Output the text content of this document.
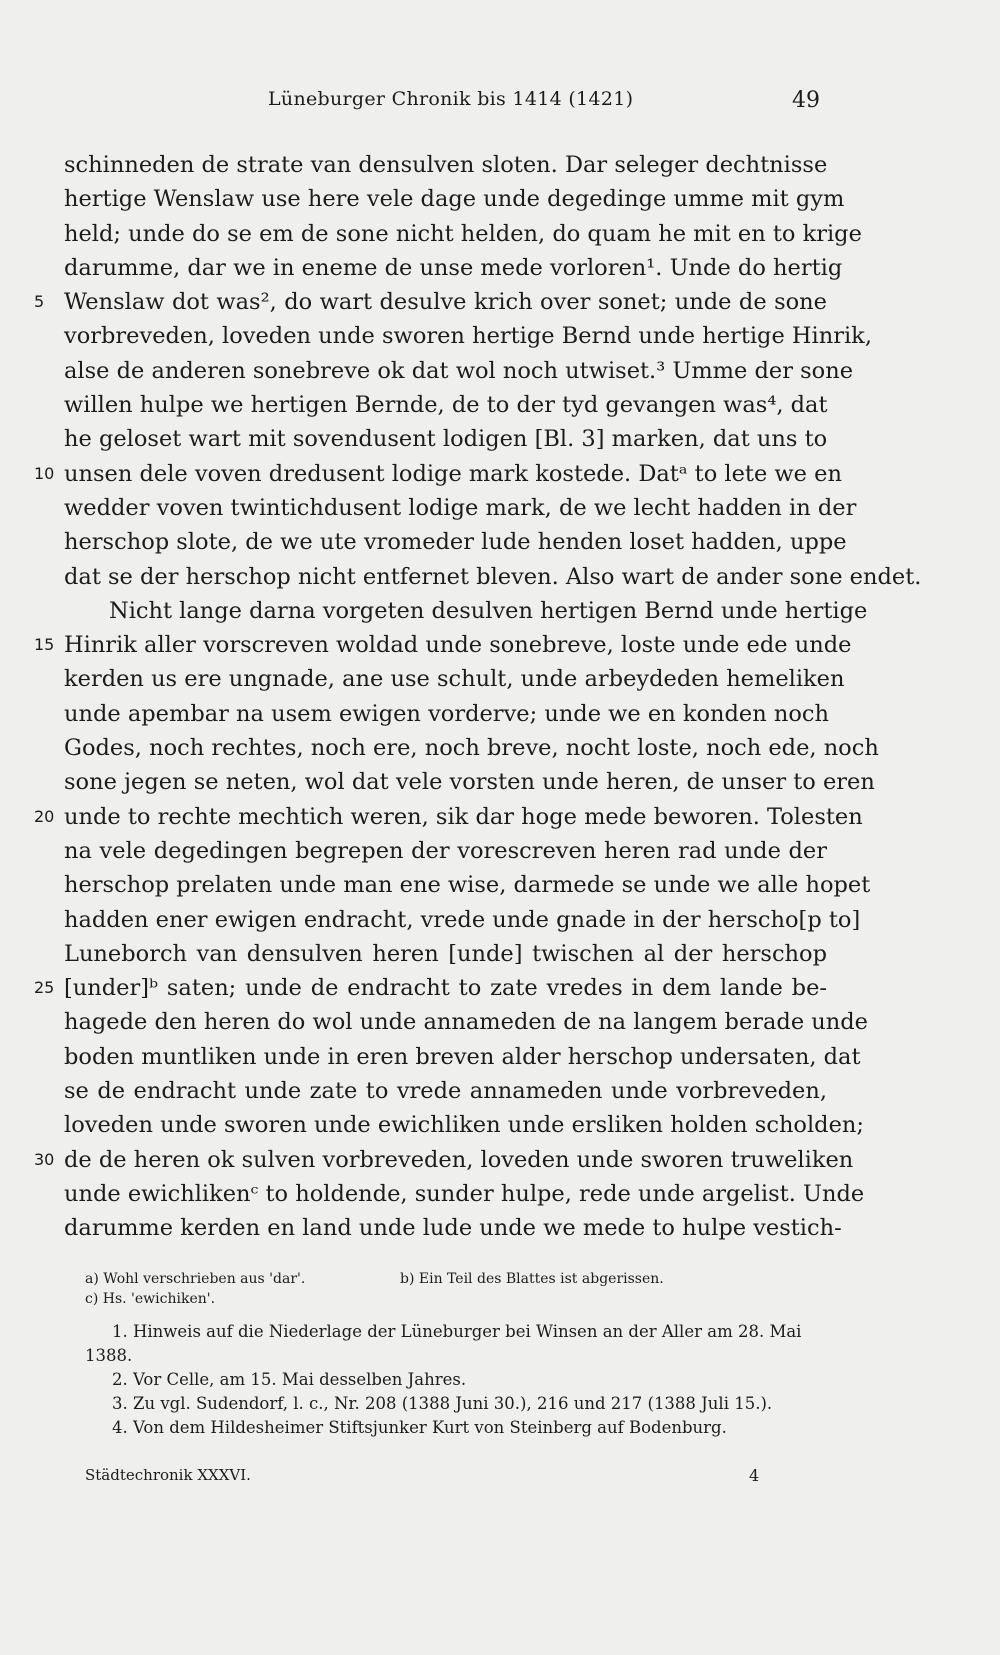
Lüneburger Chronik bis 1414 (1421)	49
schinneden de strate van densulven sloten. Dar seleger dechtnisse
hertige Wenslaw use here vele dage unde degedinge umme mit gym
held; unde do se em de sone nicht helden, do quam he mit en to krige
darumme, dar we in eneme de unse mede vorloren¹. Unde do hertig
5 Wenslaw dot was², do wart desulve krich over sonet; unde de sone
vorbreveden, loveden unde sworen hertige Bernd unde hertige Hinrik,
alse de anderen sonebreve ok dat wol noch utwiset.³ Umme der sone
willen hulpe we hertigen Bernde, de to der tyd gevangen was⁴, dat
he geloset wart mit sovendusent lodigen [Bl. 3] marken, dat uns to
10 unsen dele voven dredusent lodige mark kostede. Datᵃ to lete we en
wedder voven twintichdusent lodige mark, de we lecht hadden in der
herschop slote, de we ute vromeder lude henden loset hadden, uppe
dat se der herschop nicht entfernet bleven. Also wart de ander sone endet.
Nicht lange darna vorgeten desulven hertigen Bernd unde hertige
15 Hinrik aller vorscreven woldad unde sonebreve, loste unde ede unde
kerden us ere ungnade, ane use schult, unde arbeydeden hemeliken
unde apembar na usem ewigen vorderve; unde we en konden noch
Godes, noch rechtes, noch ere, noch breve, nocht loste, noch ede, noch
sone jegen se neten, wol dat vele vorsten unde heren, de unser to eren
20 unde to rechte mechtich weren, sik dar hoge mede beworen. Tolesten
na vele degedingen begrepen der vorescreven heren rad unde der
herschop prelaten unde man ene wise, darmede se unde we alle hopet
hadden ener ewigen endracht, vrede unde gnade in der herscho[p to]
Luneborch van densulven heren [unde] twischen al der herschop
25 [under]ᵇ saten; unde de endracht to zate vredes in dem lande be-
hagede den heren do wol unde annameden de na langem berade unde
boden muntliken unde in eren breven alder herschop undersaten, dat
se de endracht unde zate to vrede annameden unde vorbreveden,
loveden unde sworen unde ewichliken unde ersliken holden scholden;
30 de de heren ok sulven vorbreveden, loveden unde sworen truweliken
unde ewichlikenᶜ to holdende, sunder hulpe, rede unde argelist. Unde
darumme kerden en land unde lude unde we mede to hulpe vestich-
a) Wohl verschrieben aus 'dar'.	b) Ein Teil des Blattes ist abgerissen.
c) Hs. 'ewichiken'.

1. Hinweis auf die Niederlage der Lüneburger bei Winsen an der Aller am 28. Mai 1388.

2. Vor Celle, am 15. Mai desselben Jahres.

3. Zu vgl. Sudendorf, l. c., Nr. 208 (1388 Juni 30.), 216 und 217 (1388 Juli 15.).

4. Von dem Hildesheimer Stiftsjunker Kurt von Steinberg auf Bodenburg.

Städtechronik XXXVI.	4
